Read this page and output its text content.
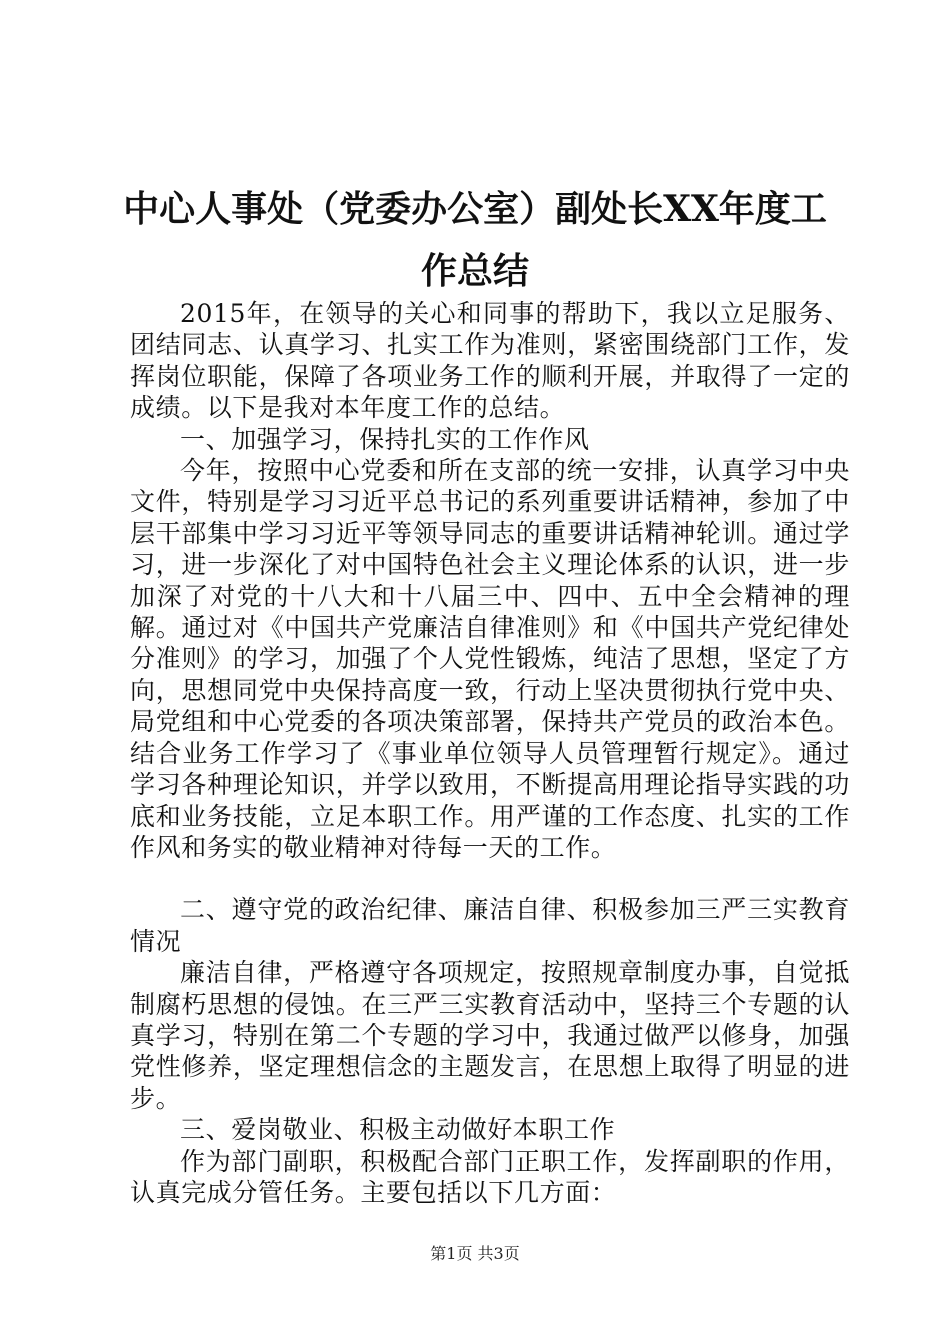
中心人事处（党委办公室）副处长XX年度工
作总结

2015年，在领导的关心和同事的帮助下，我以立足服务、团结同志、认真学习、扎实工作为准则，紧密围绕部门工作，发挥岗位职能，保障了各项业务工作的顺利开展，并取得了一定的成绩。以下是我对本年度工作的总结。

一、加强学习，保持扎实的工作作风

今年，按照中心党委和所在支部的统一安排，认真学习中央文件，特别是学习习近平总书记的系列重要讲话精神，参加了中层干部集中学习习近平等领导同志的重要讲话精神轮训。通过学习，进一步深化了对中国特色社会主义理论体系的认识，进一步加深了对党的十八大和十八届三中、四中、五中全会精神的理解。通过对《中国共产党廉洁自律准则》和《中国共产党纪律处分准则》的学习，加强了个人党性锻炼，纯洁了思想，坚定了方向，思想同党中央保持高度一致，行动上坚决贯彻执行党中央、局党组和中心党委的各项决策部署，保持共产党员的政治本色。结合业务工作学习了《事业单位领导人员管理暂行规定》。通过学习各种理论知识，并学以致用，不断提高用理论指导实践的功底和业务技能，立足本职工作。用严谨的工作态度、扎实的工作作风和务实的敬业精神对待每一天的工作。

二、遵守党的政治纪律、廉洁自律、积极参加三严三实教育情况

廉洁自律，严格遵守各项规定，按照规章制度办事，自觉抵制腐朽思想的侵蚀。在三严三实教育活动中，坚持三个专题的认真学习，特别在第二个专题的学习中，我通过做严以修身，加强党性修养，坚定理想信念的主题发言，在思想上取得了明显的进步。

三、爱岗敬业、积极主动做好本职工作

作为部门副职，积极配合部门正职工作，发挥副职的作用，认真完成分管任务。主要包括以下几方面：

第1页 共3页
